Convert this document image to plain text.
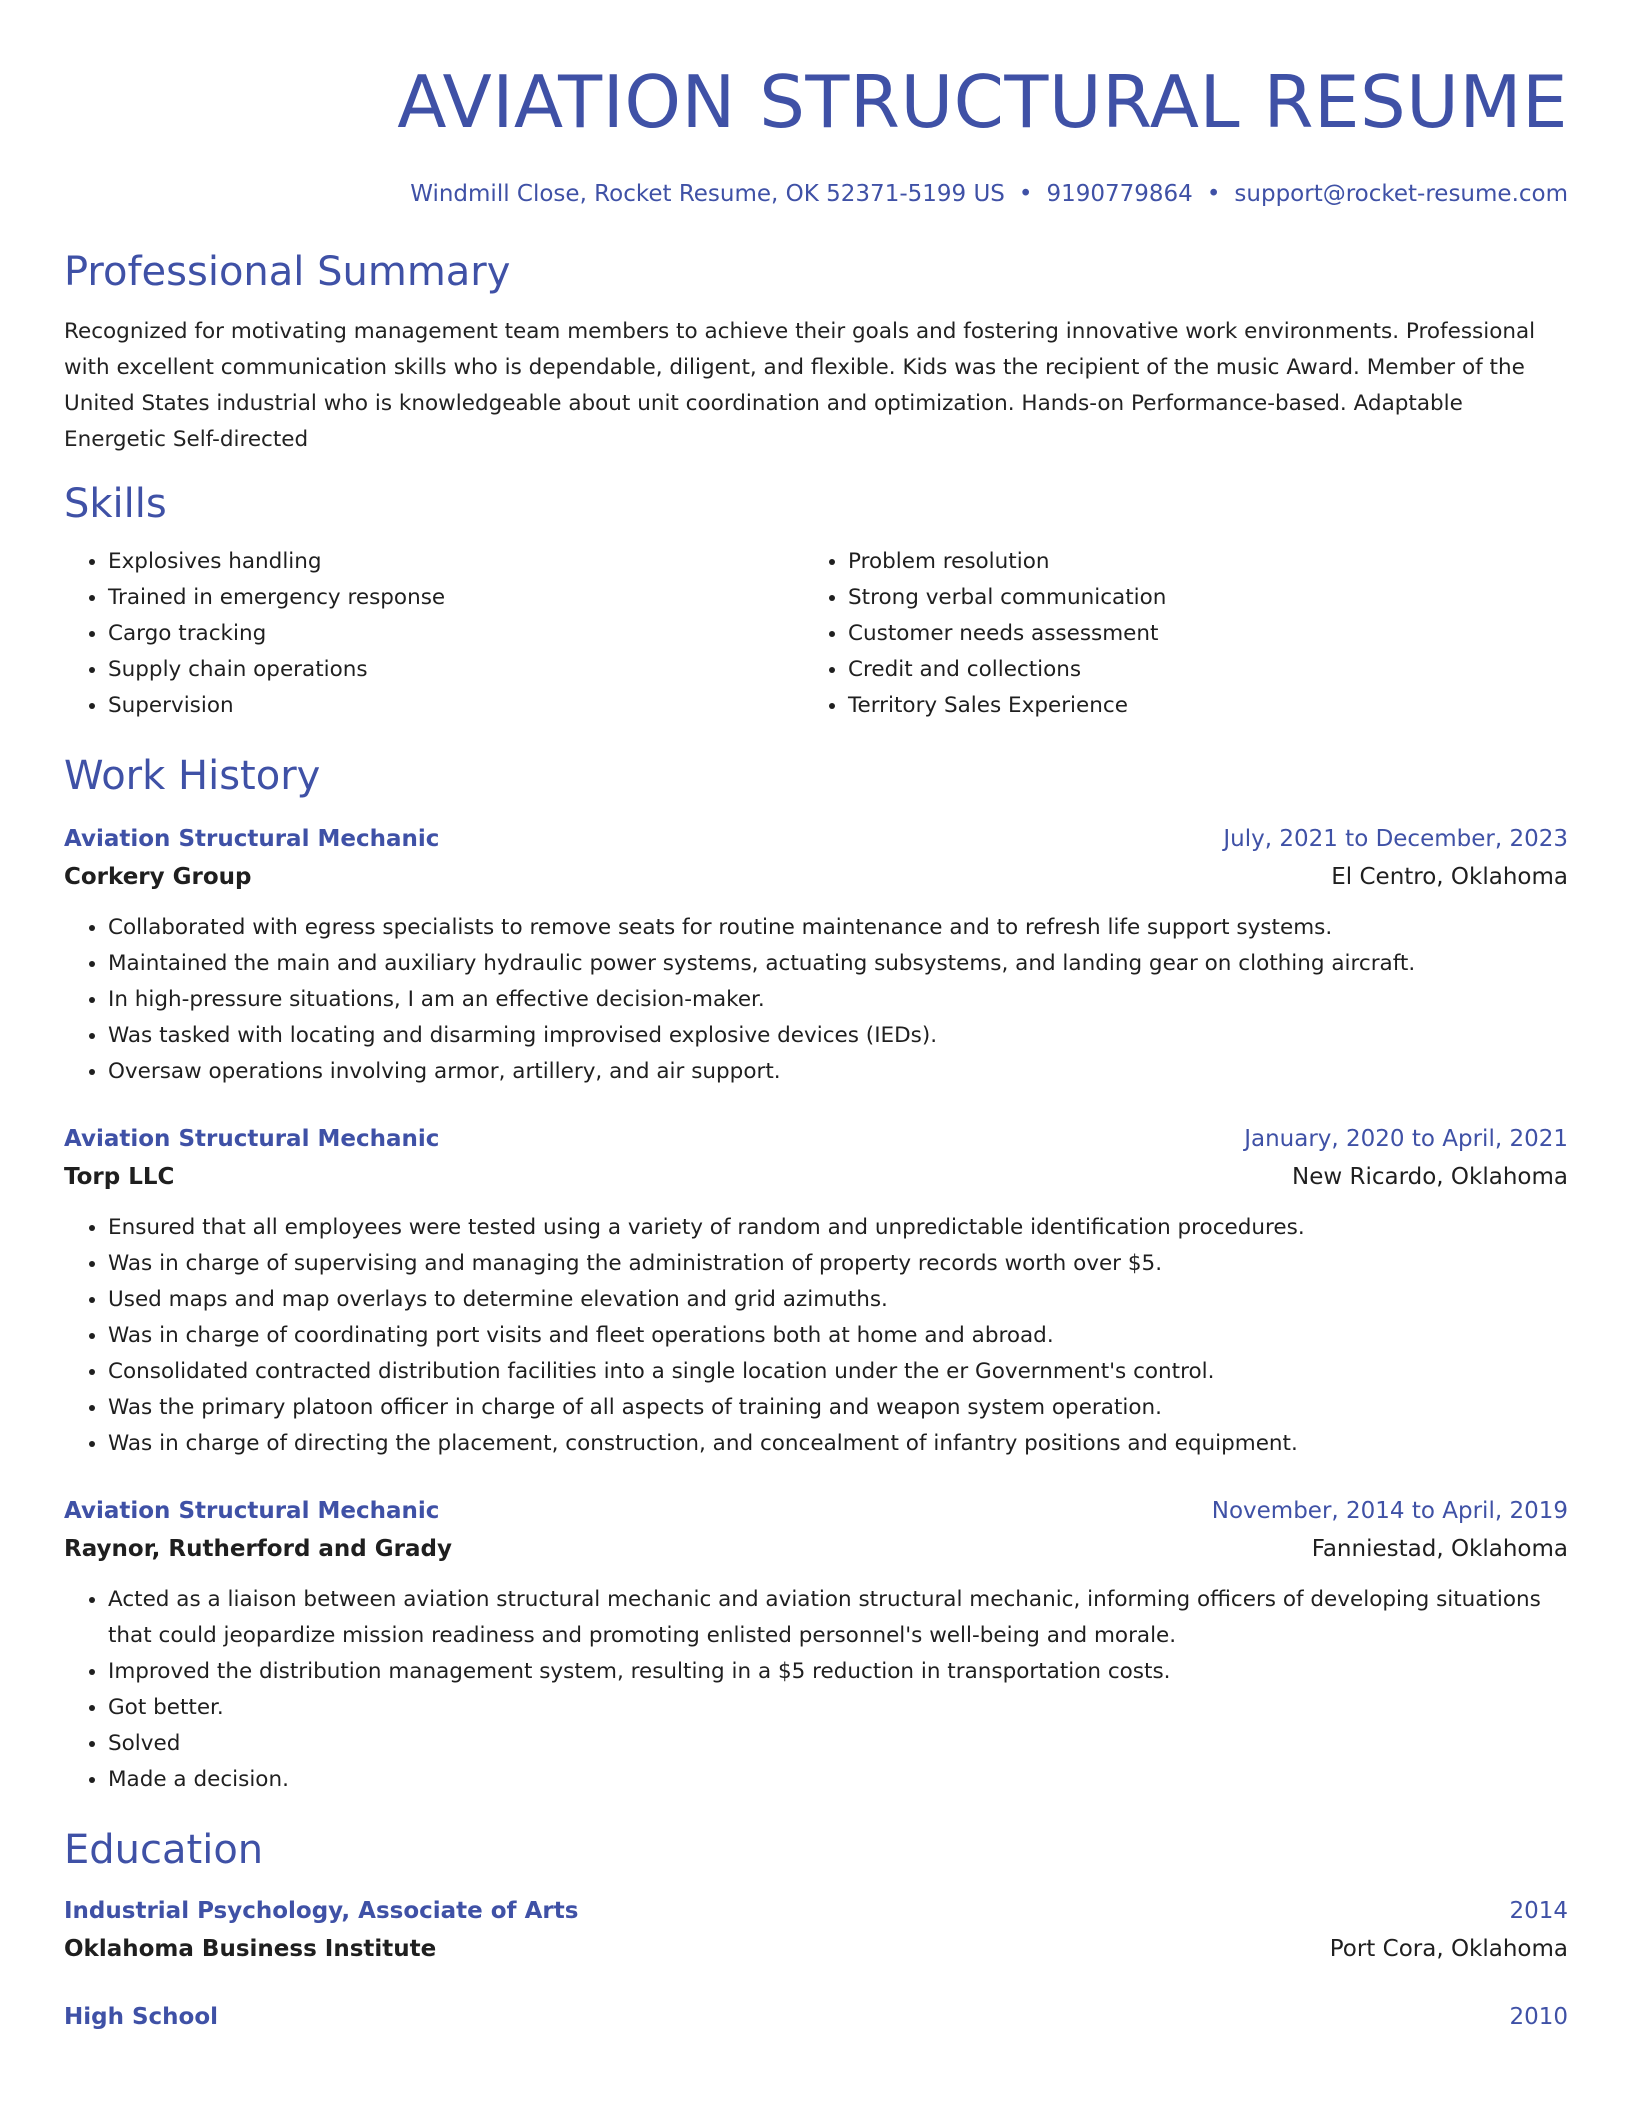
AVIATION STRUCTURAL RESUME
Windmill Close, Rocket Resume, OK 52371-5199 US • 9190779864 • support@rocket-resume.com
Professional Summary

Recognized for motivating management team members to achieve their goals and fostering innovative work environments. Professional with excellent communication skills who is dependable, diligent, and flexible. Kids was the recipient of the music Award. Member of the United States industrial who is knowledgeable about unit coordination and optimization. Hands-on Performance-based. Adaptable Energetic Self-directed

Skills
• Explosives handling
• Trained in emergency response
• Cargo tracking
• Supply chain operations
• Supervision
• Problem resolution
• Strong verbal communication
• Customer needs assessment
• Credit and collections
• Territory Sales Experience
Work History
Aviation Structural Mechanic	July, 2021 to December, 2023
Corkery Group	El Centro, Oklahoma
• Collaborated with egress specialists to remove seats for routine maintenance and to refresh life support systems.
• Maintained the main and auxiliary hydraulic power systems, actuating subsystems, and landing gear on clothing aircraft.
• In high-pressure situations, I am an effective decision-maker.
• Was tasked with locating and disarming improvised explosive devices (IEDs).
• Oversaw operations involving armor, artillery, and air support.
Aviation Structural Mechanic	January, 2020 to April, 2021
Torp LLC	New Ricardo, Oklahoma
• Ensured that all employees were tested using a variety of random and unpredictable identification procedures.
• Was in charge of supervising and managing the administration of property records worth over $5.
• Used maps and map overlays to determine elevation and grid azimuths.
• Was in charge of coordinating port visits and fleet operations both at home and abroad.
• Consolidated contracted distribution facilities into a single location under the er Government's control.
• Was the primary platoon officer in charge of all aspects of training and weapon system operation.
• Was in charge of directing the placement, construction, and concealment of infantry positions and equipment.
Aviation Structural Mechanic	November, 2014 to April, 2019
Raynor, Rutherford and Grady	Fanniestad, Oklahoma
• Acted as a liaison between aviation structural mechanic and aviation structural mechanic, informing officers of developing situations that could jeopardize mission readiness and promoting enlisted personnel's well-being and morale.
• Improved the distribution management system, resulting in a $5 reduction in transportation costs.
• Got better.
• Solved
• Made a decision.
Education
Industrial Psychology, Associate of Arts	2014
Oklahoma Business Institute	Port Cora, Oklahoma
High School	2010
